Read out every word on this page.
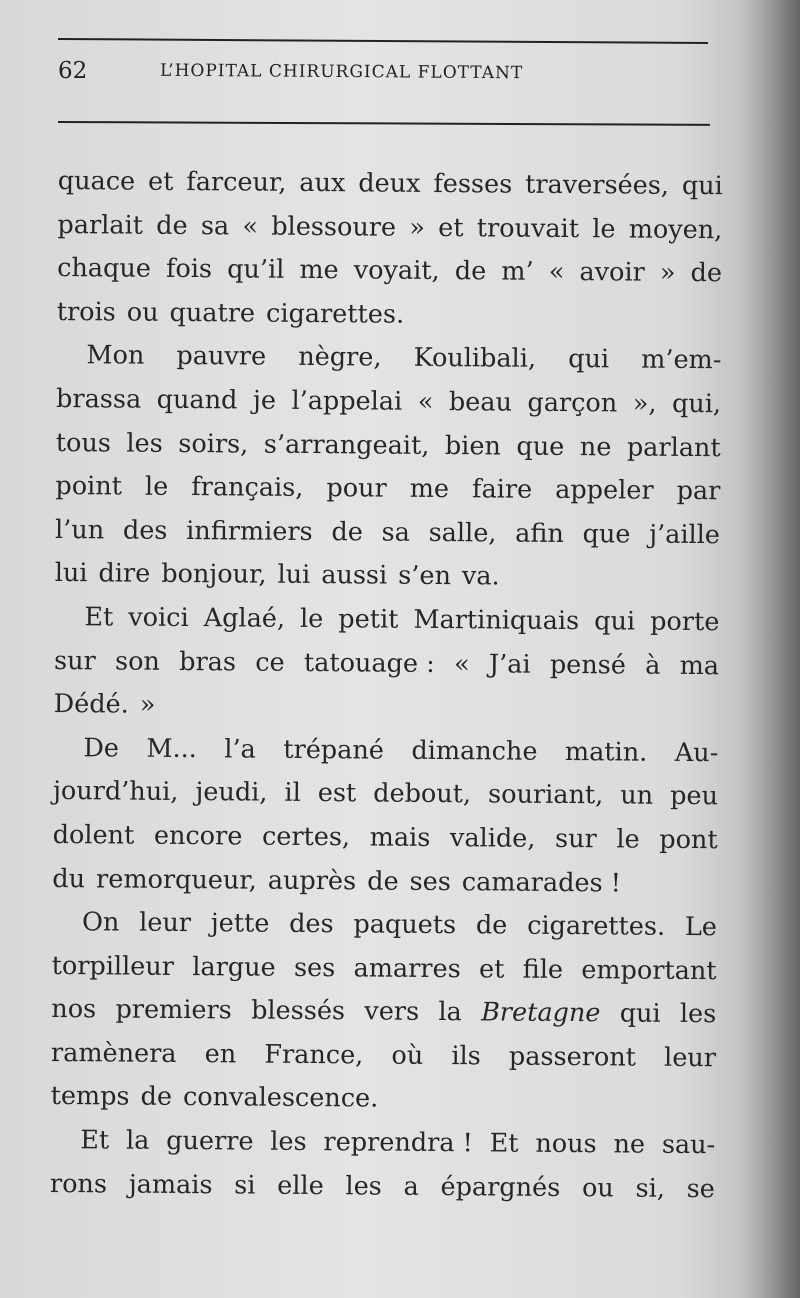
62	L’HOPITAL CHIRURGICAL FLOTTANT
quace et farceur, aux deux fesses traversées, qui
parlait de sa « blessoure » et trouvait le moyen,
chaque fois qu’il me voyait, de m’ « avoir » de
trois ou quatre cigarettes.
Mon pauvre nègre, Koulibali, qui m’em-
brassa quand je l’appelai « beau garçon », qui,
tous les soirs, s’arrangeait, bien que ne parlant
point le français, pour me faire appeler par
l’un des infirmiers de sa salle, afin que j’aille
lui dire bonjour, lui aussi s’en va.
Et voici Aglaé, le petit Martiniquais qui porte
sur son bras ce tatouage : « J’ai pensé à ma
Dédé. »
De M... l’a trépané dimanche matin. Au-
jourd’hui, jeudi, il est debout, souriant, un peu
dolent encore certes, mais valide, sur le pont
du remorqueur, auprès de ses camarades !
On leur jette des paquets de cigarettes. Le
torpilleur largue ses amarres et file emportant
nos premiers blessés vers la Bretagne qui les
ramènera en France, où ils passeront leur
temps de convalescence.
Et la guerre les reprendra ! Et nous ne sau-
rons jamais si elle les a épargnés ou si, se
